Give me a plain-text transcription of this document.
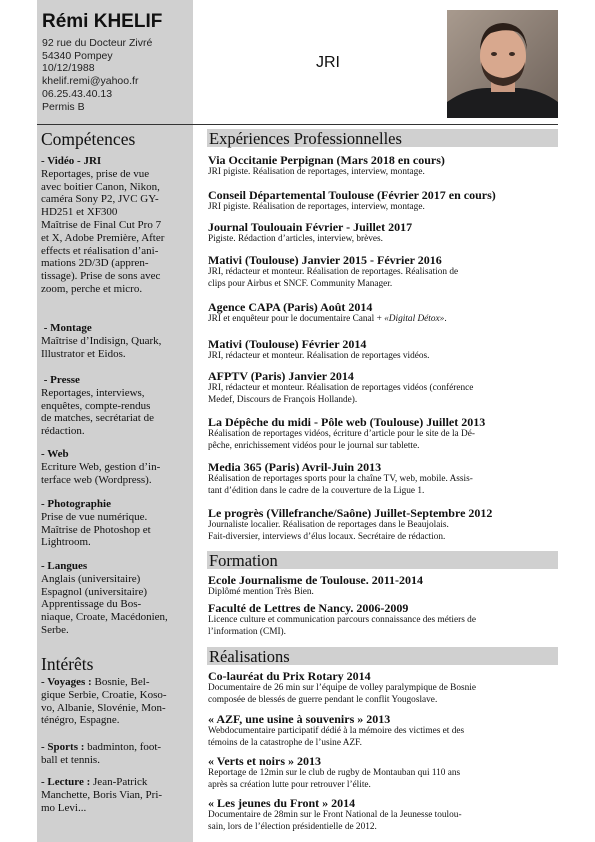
Rémi KHELIF
92 rue du Docteur Zivré
54340 Pompey
10/12/1988
khelif.remi@yahoo.fr
06.25.43.40.13
Permis B
JRI
Compétences
- Vidéo - JRI
Reportages, prise de vue
avec boitier Canon, Nikon,
caméra Sony P2, JVC GY-
HD251 et XF300
Maîtrise de Final Cut Pro 7
et X, Adobe Première, After
effects et réalisation d’ani-
mations 2D/3D (appren-
tissage). Prise de sons avec
zoom, perche et micro.
- Montage
Maîtrise d’Indisign, Quark,
Illustrator et Eidos.
- Presse
Reportages, interviews,
enquêtes, compte-rendus
de matches, secrétariat de
rédaction.
- Web
Ecriture Web, gestion d’in-
terface web (Wordpress).
- Photographie
Prise de vue numérique.
Maîtrise de Photoshop et
Lightroom.
- Langues
Anglais (universitaire)
Espagnol (universitaire)
Apprentissage du Bos-
niaque, Croate, Macédonien,
Serbe.
Intérêts
- Voyages : Bosnie, Bel-
gique Serbie, Croatie, Koso-
vo, Albanie, Slovénie, Mon-
ténégro, Espagne.
- Sports : badminton, foot-
ball et tennis.
- Lecture : Jean-Patrick
Manchette, Boris Vian, Pri-
mo Levi...
Expériences Professionnelles
Via Occitanie Perpignan (Mars 2018 en cours)
JRI pigiste. Réalisation de reportages, interview, montage.
Conseil Départemental Toulouse (Février 2017 en cours)
JRI pigiste. Réalisation de reportages, interview, montage.
Journal Toulouain Février - Juillet 2017
Pigiste. Rédaction d’articles, interview, brèves.
Mativi (Toulouse) Janvier 2015 - Février 2016
JRI, rédacteur et monteur. Réalisation de reportages. Réalisation de
clips pour Airbus et SNCF. Community Manager.
Agence CAPA (Paris) Août 2014
JRI et enquêteur pour le documentaire Canal + «Digital Détox».
Mativi (Toulouse) Février 2014
JRI, rédacteur et monteur. Réalisation de reportages vidéos.
AFPTV (Paris) Janvier 2014
JRI, rédacteur et monteur. Réalisation de reportages vidéos (conférence
Medef, Discours de François Hollande).
La Dépêche du midi - Pôle web (Toulouse) Juillet 2013
Réalisation de reportages vidéos, écriture d’article pour le site de la Dé-
pêche, enrichissement vidéos pour le journal sur tablette.
Media 365 (Paris) Avril-Juin 2013
Réalisation de reportages sports pour la chaîne TV, web, mobile. Assis-
tant d’édition dans le cadre de la couverture de la Ligue 1.
Le progrès (Villefranche/Saône) Juillet-Septembre 2012
Journaliste localier. Réalisation de reportages dans le Beaujolais.
Fait-diversier, interviews d’élus locaux. Secrétaire de rédaction.
Formation
Ecole Journalisme de Toulouse. 2011-2014
Diplômé mention Très Bien.
Faculté de Lettres de Nancy. 2006-2009
Licence culture et communication parcours connaissance des métiers de
l’information (CMI).
Réalisations
Co-lauréat du Prix Rotary 2014
Documentaire de 26 min sur l’équipe de volley paralympique de Bosnie
composée de blessés de guerre pendant le conflit Yougoslave.
« AZF, une usine à souvenirs » 2013
Webdocumentaire participatif dédié à la mémoire des victimes et des
témoins de la catastrophe de l’usine AZF.
« Verts et noirs » 2013
Reportage de 12min sur le club de rugby de Montauban qui 110 ans
après sa création lutte pour retrouver l’élite.
« Les jeunes du Front » 2014
Documentaire de 28min sur le Front National de la Jeunesse toulou-
sain, lors de l’élection présidentielle de 2012.
